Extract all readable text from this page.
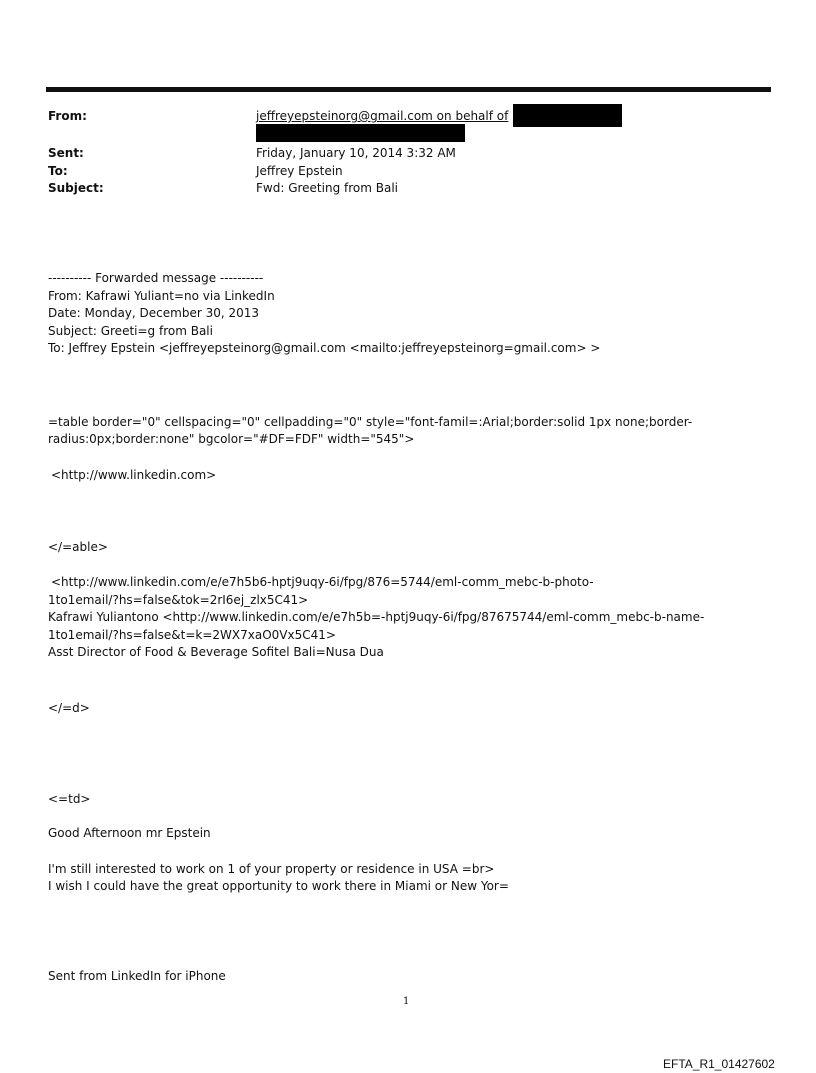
From:	jeffreyepsteinorg@gmail.com on behalf of
Sent:	Friday, January 10, 2014 3:32 AM
To:	Jeffrey Epstein
Subject:	Fwd: Greeting from Bali
---------- Forwarded message ----------
From: Kafrawi Yuliant=no via LinkedIn
Date: Monday, December 30, 2013
Subject: Greeti=g from Bali
To: Jeffrey Epstein <jeffreyepsteinorg@gmail.com <mailto:jeffreyepsteinorg=gmail.com> >
=table border="0" cellspacing="0" cellpadding="0" style="font-famil=:Arial;border:solid 1px none;border-
radius:0px;border:none" bgcolor="#DF=FDF" width="545">
<http://www.linkedin.com>
</=able>
<http://www.linkedin.com/e/e7h5b6-hptj9uqy-6i/fpg/876=5744/eml-comm_mebc-b-photo-
1to1email/?hs=false&tok=2rI6ej_zlx5C41>
Kafrawi Yuliantono <http://www.linkedin.com/e/e7h5b=-hptj9uqy-6i/fpg/87675744/eml-comm_mebc-b-name-
1to1email/?hs=false&t=k=2WX7xaO0Vx5C41>
Asst Director of Food & Beverage Sofitel Bali=Nusa Dua
</=d>
<=td>
Good Afternoon mr Epstein
I'm still interested to work on 1 of your property or residence in USA =br>
I wish I could have the great opportunity to work there in Miami or New Yor=
Sent from LinkedIn for iPhone
1
EFTA_R1_01427602
